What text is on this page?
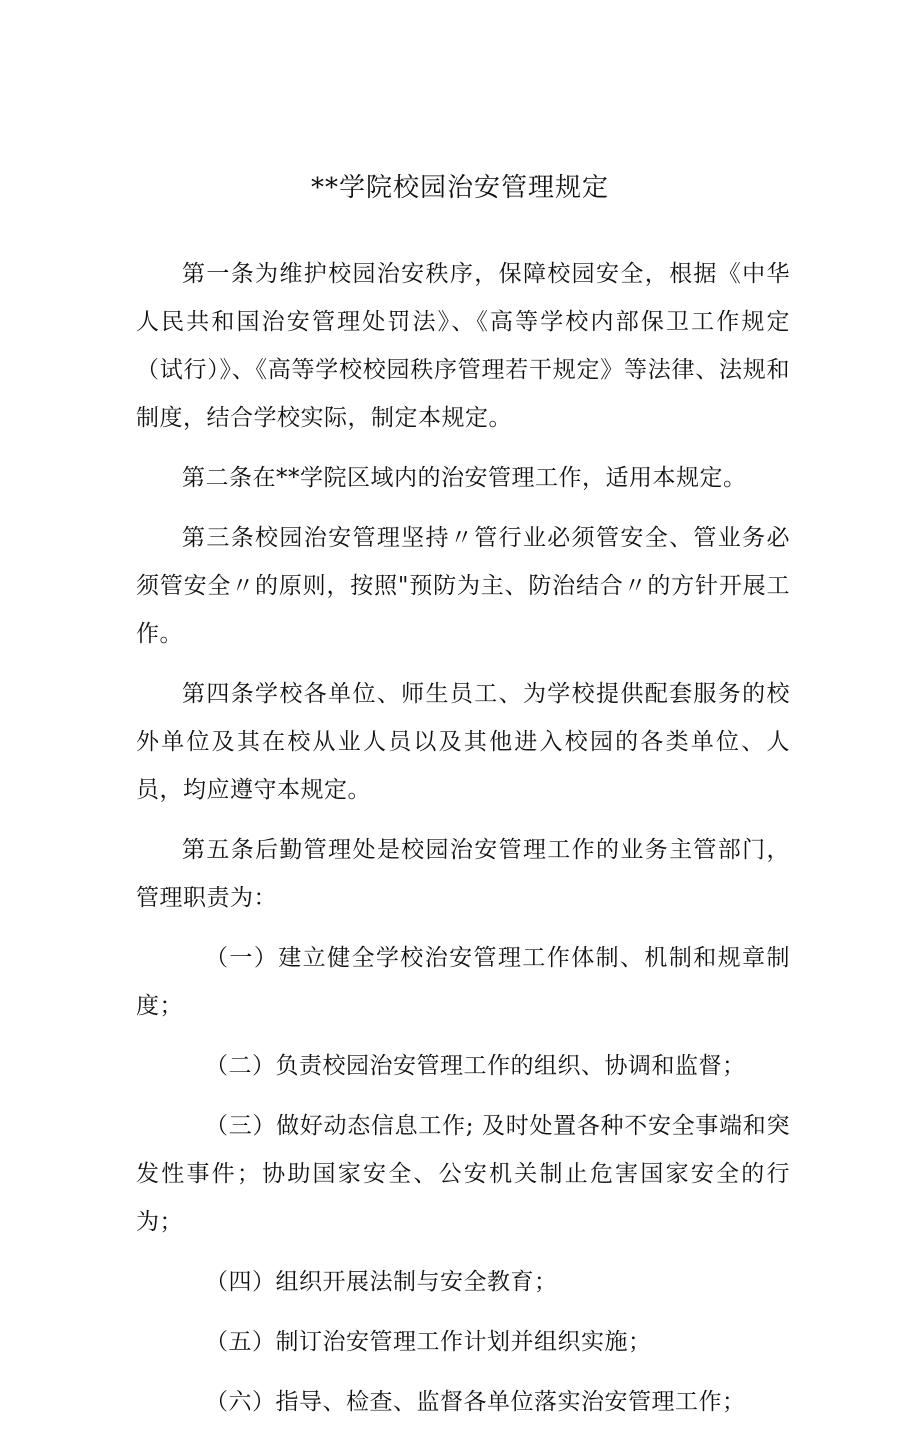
**学院校园治安管理规定

第一条为维护校园治安秩序，保障校园安全，根据《中华人民共和国治安管理处罚法》、《高等学校内部保卫工作规定（试行）》、《高等学校校园秩序管理若干规定》等法律、法规和制度，结合学校实际，制定本规定。

第二条在**学院区域内的治安管理工作，适用本规定。

第三条校园治安管理坚持〃管行业必须管安全、管业务必须管安全〃的原则，按照"预防为主、防治结合〃的方针开展工作。

第四条学校各单位、师生员工、为学校提供配套服务的校外单位及其在校从业人员以及其他进入校园的各类单位、人员，均应遵守本规定。

第五条后勤管理处是校园治安管理工作的业务主管部门，管理职责为：

（一）建立健全学校治安管理工作体制、机制和规章制度；

（二）负责校园治安管理工作的组织、协调和监督；

（三）做好动态信息工作; 及时处置各种不安全事端和突发性事件；协助国家安全、公安机关制止危害国家安全的行为；

（四）组织开展法制与安全教育；

（五）制订治安管理工作计划并组织实施；

（六）指导、检查、监督各单位落实治安管理工作；
